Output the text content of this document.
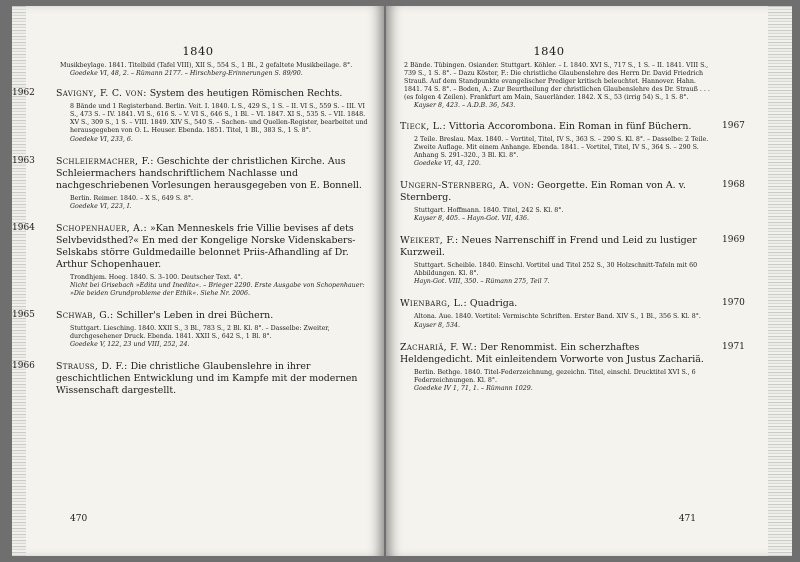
1840

Musikbeylage. 1841. Titelbild (Tafel VIII), XII S., 554 S., 1 Bl., 2 gefaltete Musikbeilage. 8°.

Goedeke VI, 48, 2. – Rümann 2177. – Hirschberg-Erinnerungen S. 89/90.

1962 Savigny, F. C. von: System des heutigen Römischen Rechts.

8 Bände und 1 Registerband. Berlin. Veit. I. 1840. L S., 429 S., 1 S. – II. VI S., 559 S. – III. VI S., 473 S. – IV. 1841. VI S., 616 S. – V. VI S., 646 S., 1 Bl. – VI. 1847. XI S., 535 S. – VII. 1848. XV S., 309 S., 1 S. – VIII. 1849. XIV S., 540 S. – Sachen- und Quellen-Register, bearbeitet und herausgegeben von O. L. Heuser. Ebenda. 1851. Titel, 1 Bl., 383 S., 1 S. 8°.

Goedeke VI, 233, 6.

1963 Schleiermacher, F.: Geschichte der christlichen Kirche. Aus Schleiermachers handschriftlichem Nachlasse und nachgeschriebenen Vorlesungen herausgegeben von E. Bonnell.

Berlin. Reimer. 1840. – X S., 649 S. 8°.

Goedeke VI, 223, I.

1964 Schopenhauer, A.: »Kan Menneskels frie Villie bevises af dets Selvbevidsthed?« En med der Kongelige Norske Videnskabers-Selskabs större Guldmedaille belonnet Priis-Afhandling af Dr. Arthur Schopenhauer.

Trondhjem. Hoeg. 1840. S. 3–100. Deutscher Text. 4°.

Nicht bei Grisebach »Edita und Inedita«. – Brieger 2290. Erste Ausgabe von Schopenhauer: »Die beiden Grundprobleme der Ethik«. Siehe Nr. 2006.

1965 Schwab, G.: Schiller's Leben in drei Büchern.

Stuttgart. Liesching. 1840. XXII S., 3 Bl., 783 S., 2 Bl. Kl. 8°. – Dasselbe: Zweiter, durchgesehener Druck. Ebenda. 1841. XXII S., 642 S., 1 Bl. 8°.

Goedeke V, 122, 23 und VIII, 252, 24.

1966 Strauss, D. F.: Die christliche Glaubenslehre in ihrer geschichtlichen Entwicklung und im Kampfe mit der modernen Wissenschaft dargestellt.

470
1840

2 Bände. Tübingen. Osiander. Stuttgart. Köhler. – I. 1840. XVI S., 717 S., 1 S. – II. 1841. VIII S., 739 S., 1 S. 8°. – Dazu Köster, F.: Die christliche Glaubenslehre des Herrn Dr. David Friedrich Strauß. Auf dem Standpunkte evangelischer Prediger kritisch beleuchtet. Hannover. Hahn. 1841. 74 S. 8°. – Boden, A.: Zur Beurtheilung der christlichen Glaubenslehre des Dr. Strauß . . . (es folgen 4 Zeilen). Frankfurt am Main, Sauerländer. 1842. X S., 53 (irrig 54) S., 1 S. 8°.

Kayser 8, 423. – A.D.B. 36, 543.

1967

Tieck, L.: Vittoria Accorombona. Ein Roman in fünf Büchern.

2 Teile. Breslau. Max. 1840. – Vortitel, Titel, IV S., 363 S. – 290 S. Kl. 8°. – Dasselbe: 2 Teile. Zweite Auflage. Mit einem Anhange. Ebenda. 1841. – Vortitel, Titel, IV S., 364 S. – 290 S. Anhang S. 291–320., 3 Bl. Kl. 8°.

Goedeke VI, 43, 120.

1968

Ungern-Sternberg, A. von: Georgette. Ein Roman von A. v. Sternberg.

Stuttgart. Hoffmann. 1840. Titel, 242 S. Kl. 8°.

Kayser 8, 405. – Hayn-Got. VII, 436.

1969

Weikert, F.: Neues Narrenschiff in Frend und Leid zu lustiger Kurzweil.

Stuttgart. Scheible. 1840. Einschl. Vortitel und Titel 252 S., 30 Holzschnitt-Tafeln mit 60 Abbildungen. Kl. 8°.

Hayn-Got. VIII, 350. – Rümann 275, Teil 7.

1970

Wienbarg, L.: Quadriga.

Altona. Aue. 1840. Vortitel: Vermischte Schriften. Erster Band. XIV S., 1 Bl., 356 S. Kl. 8°.

Kayser 8, 534.

1971

Zachariä, F. W.: Der Renommist. Ein scherzhaftes Heldengedicht. Mit einleitendem Vorworte von Justus Zachariä.

Berlin. Bethge. 1840. Titel-Federzeichnung, gezeichn. Titel, einschl. Drucktitel XVI S., 6 Federzeichnungen. Kl. 8°.

Goedeke IV 1, 71, 1. – Rümann 1029.

471
